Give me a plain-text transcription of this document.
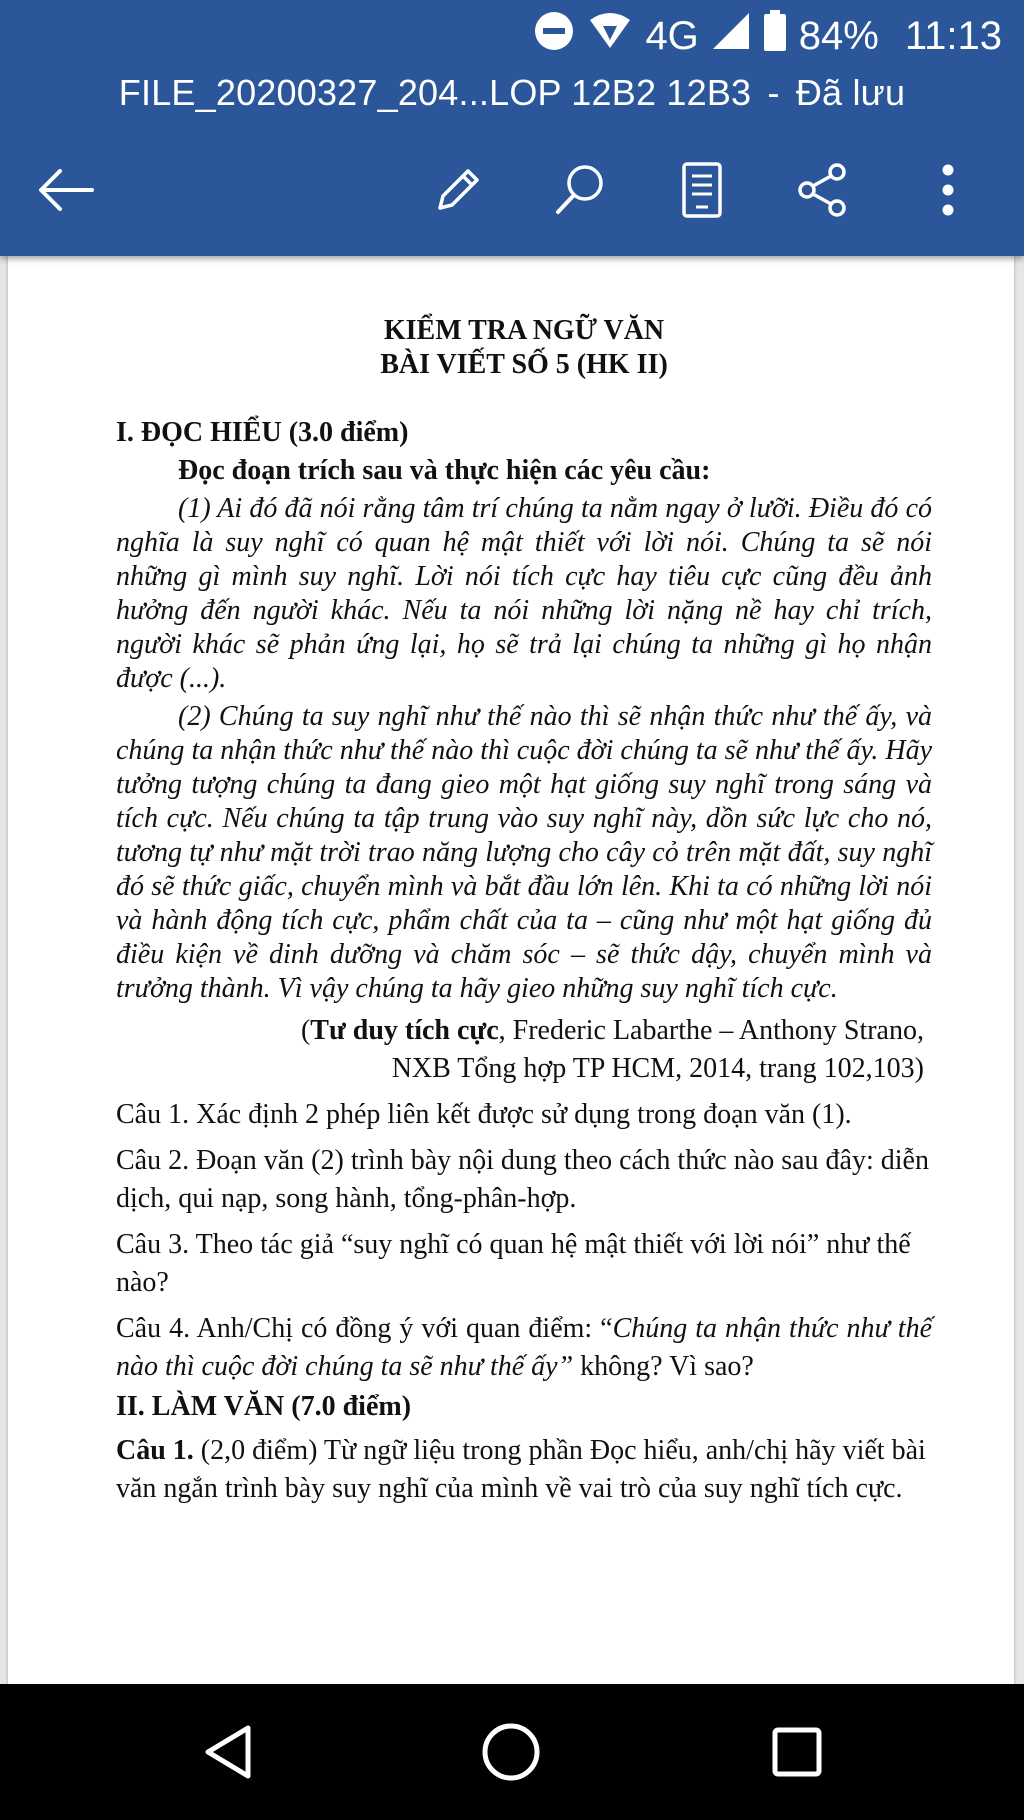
4G	84% 11:13
FILE_20200327_204...LOP 12B2 12B3 - Đã lưu
KIỂM TRA NGỮ VĂN
BÀI VIẾT SỐ 5 (HK II)
I. ĐỌC HIỂU (3.0 điểm)
Đọc đoạn trích sau và thực hiện các yêu cầu:
(1) Ai đó đã nói rằng tâm trí chúng ta nằm ngay ở lưỡi. Điều đó có nghĩa là suy nghĩ có quan hệ mật thiết với lời nói. Chúng ta sẽ nói những gì mình suy nghĩ. Lời nói tích cực hay tiêu cực cũng đều ảnh hưởng đến người khác. Nếu ta nói những lời nặng nề hay chỉ trích, người khác sẽ phản ứng lại, họ sẽ trả lại chúng ta những gì họ nhận được (...).
(2) Chúng ta suy nghĩ như thế nào thì sẽ nhận thức như thế ấy, và chúng ta nhận thức như thế nào thì cuộc đời chúng ta sẽ như thế ấy. Hãy tưởng tượng chúng ta đang gieo một hạt giống suy nghĩ trong sáng và tích cực. Nếu chúng ta tập trung vào suy nghĩ này, dồn sức lực cho nó, tương tự như mặt trời trao năng lượng cho cây cỏ trên mặt đất, suy nghĩ đó sẽ thức giấc, chuyển mình và bắt đầu lớn lên. Khi ta có những lời nói và hành động tích cực, phẩm chất của ta – cũng như một hạt giống đủ điều kiện về dinh dưỡng và chăm sóc – sẽ thức dậy, chuyển mình và trưởng thành. Vì vậy chúng ta hãy gieo những suy nghĩ tích cực.
(Tư duy tích cực, Frederic Labarthe – Anthony Strano,
NXB Tổng hợp TP HCM, 2014, trang 102,103)
Câu 1. Xác định 2 phép liên kết được sử dụng trong đoạn văn (1).
Câu 2. Đoạn văn (2) trình bày nội dung theo cách thức nào sau đây: diễn dịch, qui nạp, song hành, tổng-phân-hợp.
Câu 3. Theo tác giả “suy nghĩ có quan hệ mật thiết với lời nói” như thế nào?
Câu 4. Anh/Chị có đồng ý với quan điểm: “Chúng ta nhận thức như thế nào thì cuộc đời chúng ta sẽ như thế ấy” không? Vì sao?
II. LÀM VĂN (7.0 điểm)
Câu 1. (2,0 điểm) Từ ngữ liệu trong phần Đọc hiểu, anh/chị hãy viết bài văn ngắn trình bày suy nghĩ của mình về vai trò của suy nghĩ tích cực.
